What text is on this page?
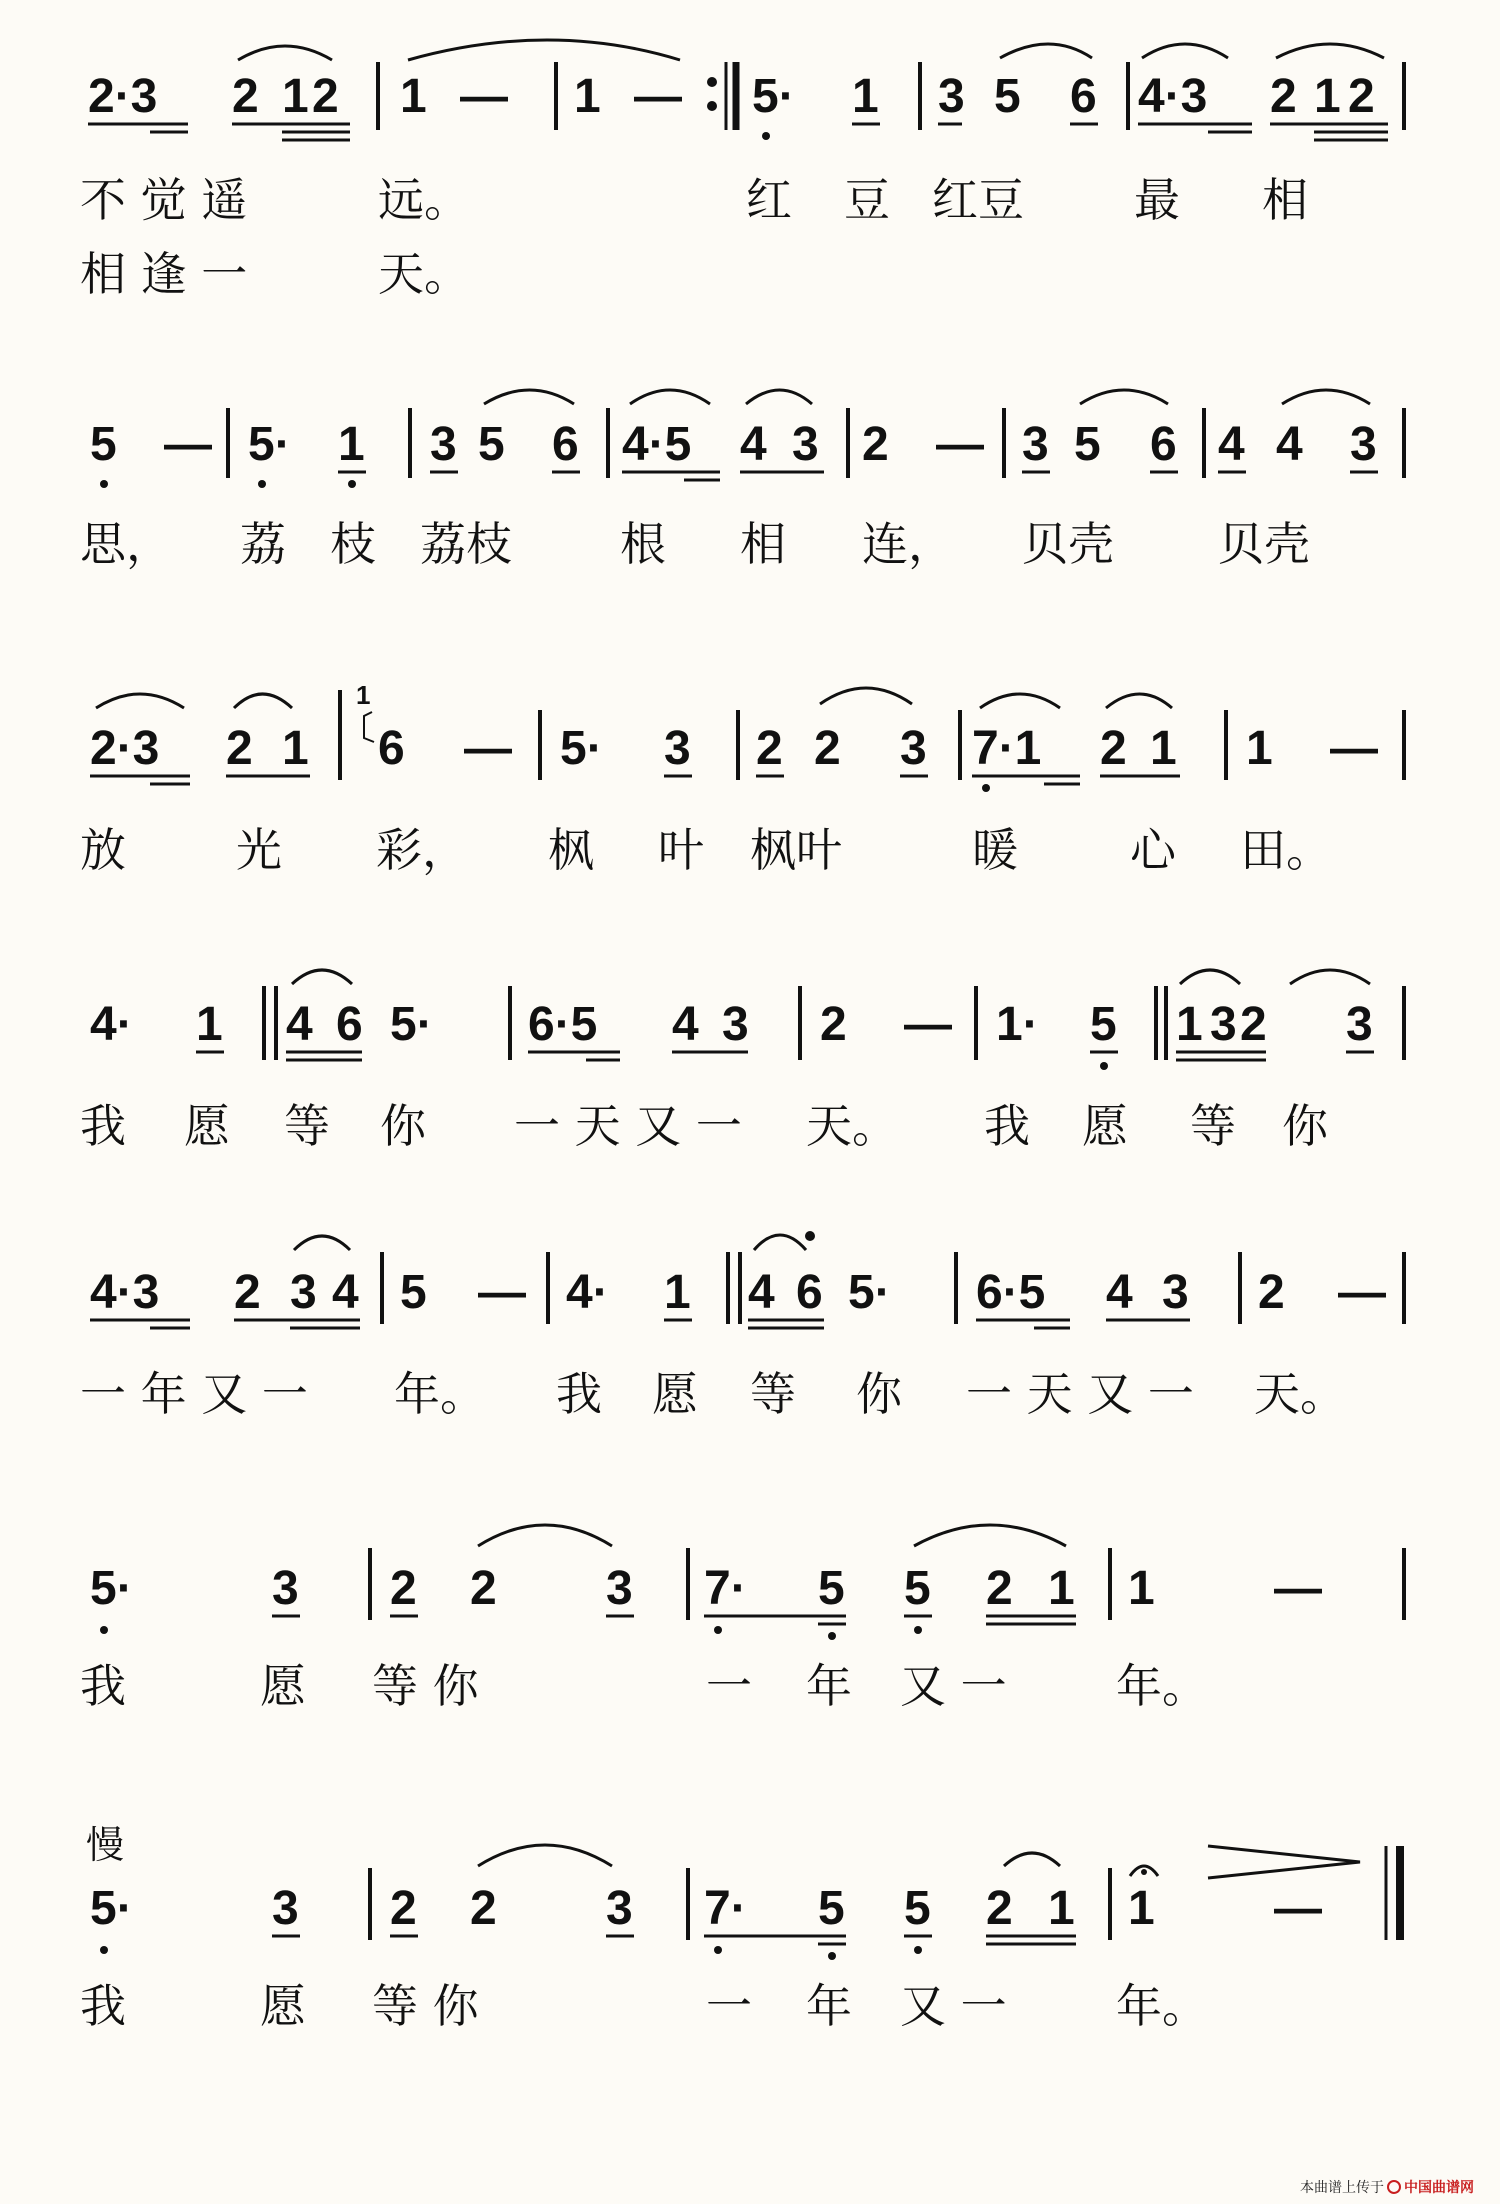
2·3 2 1 2 1 — 1 — 5· 1 3 5 6 4·3 2 1 2
不 觉 遥	远。	红 豆 红豆 最 相
相 逢 一	天。
5 — 5· 1 3 5 6 4·5 4 3 2 — 3 5 6 4 4 3
思， 荔 枝 荔枝 根 相 连， 贝壳 贝壳
2·3 2 1
1
6 — 5· 3 2 2 3 7·1 2 1 1 —
放 光 彩， 枫 叶 枫叶	暖 心 田。
4· 1 4 6 5· 6·5 4 3 2 — 1· 5 1 3 2 3
我 愿 等 你 一 天 又 一 天。 我 愿 等 你
4·3 2 3 4 5 — 4· 1 4 6 5· 6·5 4 3 2 —
一 年 又 一 年。 我 愿 等 你 一 天 又 一 天。
5·	3 2 2 3 7· 5 5 2 1 1 —
我	愿 等 你	一 年 又 一 年。
慢
5·	3 2 2 3 7· 5 5 2 1 1 —
我	愿 等 你	一 年 又 一 年。
本曲谱上传于 中国曲谱网
